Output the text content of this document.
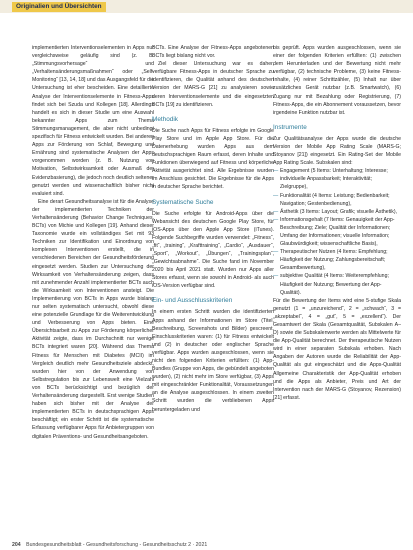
Originalien und Übersichten

implementierten Interventionselementen in Apps nur vergleichsweise geläufig sind (z. B. „Stimmungsvorhersage“ und „Verhaltensänderungsmaßnahmen“ oder „Self-Monitoring“ [13, 14, 18] und das Ausgangsfeld für die Untersuchung ist eher bescheiden. Eine detaillierte Analyse der Interventionselemente in Fitness-Apps findet sich bei Szuda und Kollegen [18]. Allerdings handelt es sich in dieser Studie um eine Auswahl bekannter Apps zum Thema Stimmungsmanagement, die aber nicht unbedingt spezifisch für Fitness entwickelt wurden. Bei anderen Apps zur Förderung von Schlaf, Bewegung und Ernährung sind systematische Analysen der Apps vorgenommen worden (z. B. Nutzung von Motivation, Selbstwirksamkeit oder Ausmaß der Evidenzbasierung), die jedoch noch deutlich seltener genutzt werden und wissenschaftlich bisher nicht evaluiert sind.

Eine derart Gesundheitsanalyse ist für die Analyse der implementierten Techniken der Verhaltensänderung (Behavior Change Techniques, BCTs) von Michie und Kollegen [19]. Anhand dieser Taxonomie wurde ein vollständiges Set mit 93 Techniken zur Identifikation und Einordnung von komplexen Interventionen erstellt, die in verschiedenen Bereichen der Gesundheitsförderung eingesetzt werden. Studien zur Untersuchung der Wirksamkeit von Verhaltensänderung zeigen, dass mit zunehmender Anzahl implementierter BCTs auch die Wirksamkeit von Interventionen ansteigt. Die Implementierung von BCTs in Apps wurde bislang nur selten systematisch untersucht, obwohl diese eine potenzielle Grundlage für die Weiterentwicklung und Verbesserung von Apps bieten. Eine Übersichtsarbeit zu Apps zur Förderung körperlicher Aktivität zeigte, dass im Durchschnitt nur wenige BCTs integriert waren [20]. Während das Thema Fitness für Menschen mit Diabetes (MCII) im Vergleich deutlich mehr Gesundheitsziele abdeckt, wurden hier von der Anwendung von Selbstregulation bis zur Lebenswelt eine Vielzahl von BCTs berücksichtigt und bezüglich der Verhaltensänderung dargestellt. Erst wenige Studien haben sich bisher mit der Analyse der implementierten BCTs in deutschsprachigen Apps beschäftigt; ein erster Schritt ist die systematische Erfassung verfügbarer Apps für Anbietergruppen von digitalen Präventions- und Gesundheitsangeboten.

BCTs. Eine Analyse der Fitness-Apps angebotenen BCTs liegt bislang nicht vor.

Ziel dieser Untersuchung war es daher, verfügbare Fitness-Apps in deutscher Sprache zu identifizieren, die Qualität anhand des deutschen Version der MARS-G [21] zu analysieren sowie deren Interventionselemente und die eingesetzten BCTs [19] zu identifizieren.

Methodik

Die Suche nach Apps für Fitness erfolgte im Google Play Store und im Apple App Store. Für die Datenerhebung wurden Apps aus dem deutschsprachigen Raum erfasst, deren Inhalte und Funktionen überwiegend auf Fitness und körperliche Aktivität ausgerichtet sind. Alle Ergebnisse wurden im Anschluss gesichtet. Die Ergebnisse für die Apps in deutscher Sprache berichtet.

Systematische Suche

Die Suche erfolgte für Android-Apps über die Webansicht des deutschen Google Play Store, für iOS-Apps über den Apple App Store (iTunes). Folgende Suchbegriffe wurden verwendet: „Fitness“, „fit“, „training“, „Krafttraining“, „Cardio“, „Ausdauer“, „Sport“, „Workout“, „Übungen“, „Trainingsplan“, „Gewichtsabnahme“. Die Suche fand im November 2020 bis April 2021 statt. Wurden nur Apps aller Stores erfasst, wenn sie sowohl in Android- als auch iOS-Version verfügbar sind.

Ein- und Ausschlusskriterien

In einem ersten Schritt wurden die identifizierten Apps anhand der Informationen im Store (Titel, Beschreibung, Screenshots und Bilder) gescreent. Einschlusskriterien waren: (1) für Fitness entwickelt und (2) in deutscher oder englischer Sprache verfügbar. Apps wurden ausgeschlossen, wenn sie nicht den folgenden Kriterien erfüllten: (1) App-Bundles (Gruppe von Apps, die gebündelt angeboten wurden), (2) nicht mehr im Store verfügbar, (3) Apps mit eingeschränkter Funktionalität, Voraussetzungen an die Analyse ausgeschlossen. In einem zweiten Schritt wurden die verbliebenen Apps heruntergeladen und

bis geprüft. Apps wurden ausgeschlossen, wenn sie einer der folgenden Kriterien erfüllten: (1) zwischen dem Herunterladen und der Bewertung nicht mehr verfügbar, (2) technische Probleme, (3) keine Fitness-Inhalte, (4) reiner Schrittzähler, (5) Inhalt nur über zusätzliches Gerät nutzbar (z.B. Smartwatch), (6) Zugang nur mit Bezahlung oder Registrierung, (7) Fitness-Apps, die ein Abonnement voraussetzen, bevor irgendeine Funktion nutzbar ist.

Instrumente

Zur Qualitätsanalyse der Apps wurde die deutsche Version der Mobile App Rating Scale (MARS-G; Stoyanov [21]) eingesetzt. Ein Rating-Set der Mobile App Rating Scale. Subskalen sind:

— Engagement (5 Items: Unterhaltung; Interesse; individuelle Anpassbarkeit; Interaktivität; Zielgruppe),
— Funktionalität (4 Items: Leistung; Bedienbarkeit; Navigation; Gestenbedienung),
— Ästhetik (3 Items: Layout; Grafik; visuelle Ästhetik),
— Informationsgehalt (7 Items: Genauigkeit der App-Beschreibung; Ziele; Qualität der Informationen; Umfang der Informationen; visuelle Information; Glaubwürdigkeit; wissenschaftliche Basis),
— Therapeutischer Nutzen (4 Items: Empfehlung; Häufigkeit der Nutzung; Zahlungsbereitschaft; Gesamtbewertung),
— subjektive Qualität (4 Items: Weiterempfehlung; Häufigkeit der Nutzung; Bewertung der App-Qualität).

Für die Bewertung der Items wird eine 5-stufige Skala genutzt (1 = „unzureichend“, 2 = „schwach“, 3 = „akzeptabel“, 4 = „gut“, 5 = „exzellent“). Der Gesamtwert der Skala (Gesamtqualität, Subskalen A–D) sowie die Subskalenwerte werden als Mittelwerte für die App-Qualität berechnet. Der therapeutische Nutzen wird in einer separaten Subskala erhoben. Nach Angaben der Autoren wurde die Reliabilität der App-Qualität als gut eingeschätzt und die Apps-Qualität Allgemeine Charakteristik der App-Qualität erhoben und die Apps als Anbieter, Preis und Art der Intervention nach der MARS-G (Stoyanov, Rezension) [21] erfasst.

204 Bundesgesundheitsblatt - Gesundheitsforschung - Gesundheitsschutz 2 · 2021
